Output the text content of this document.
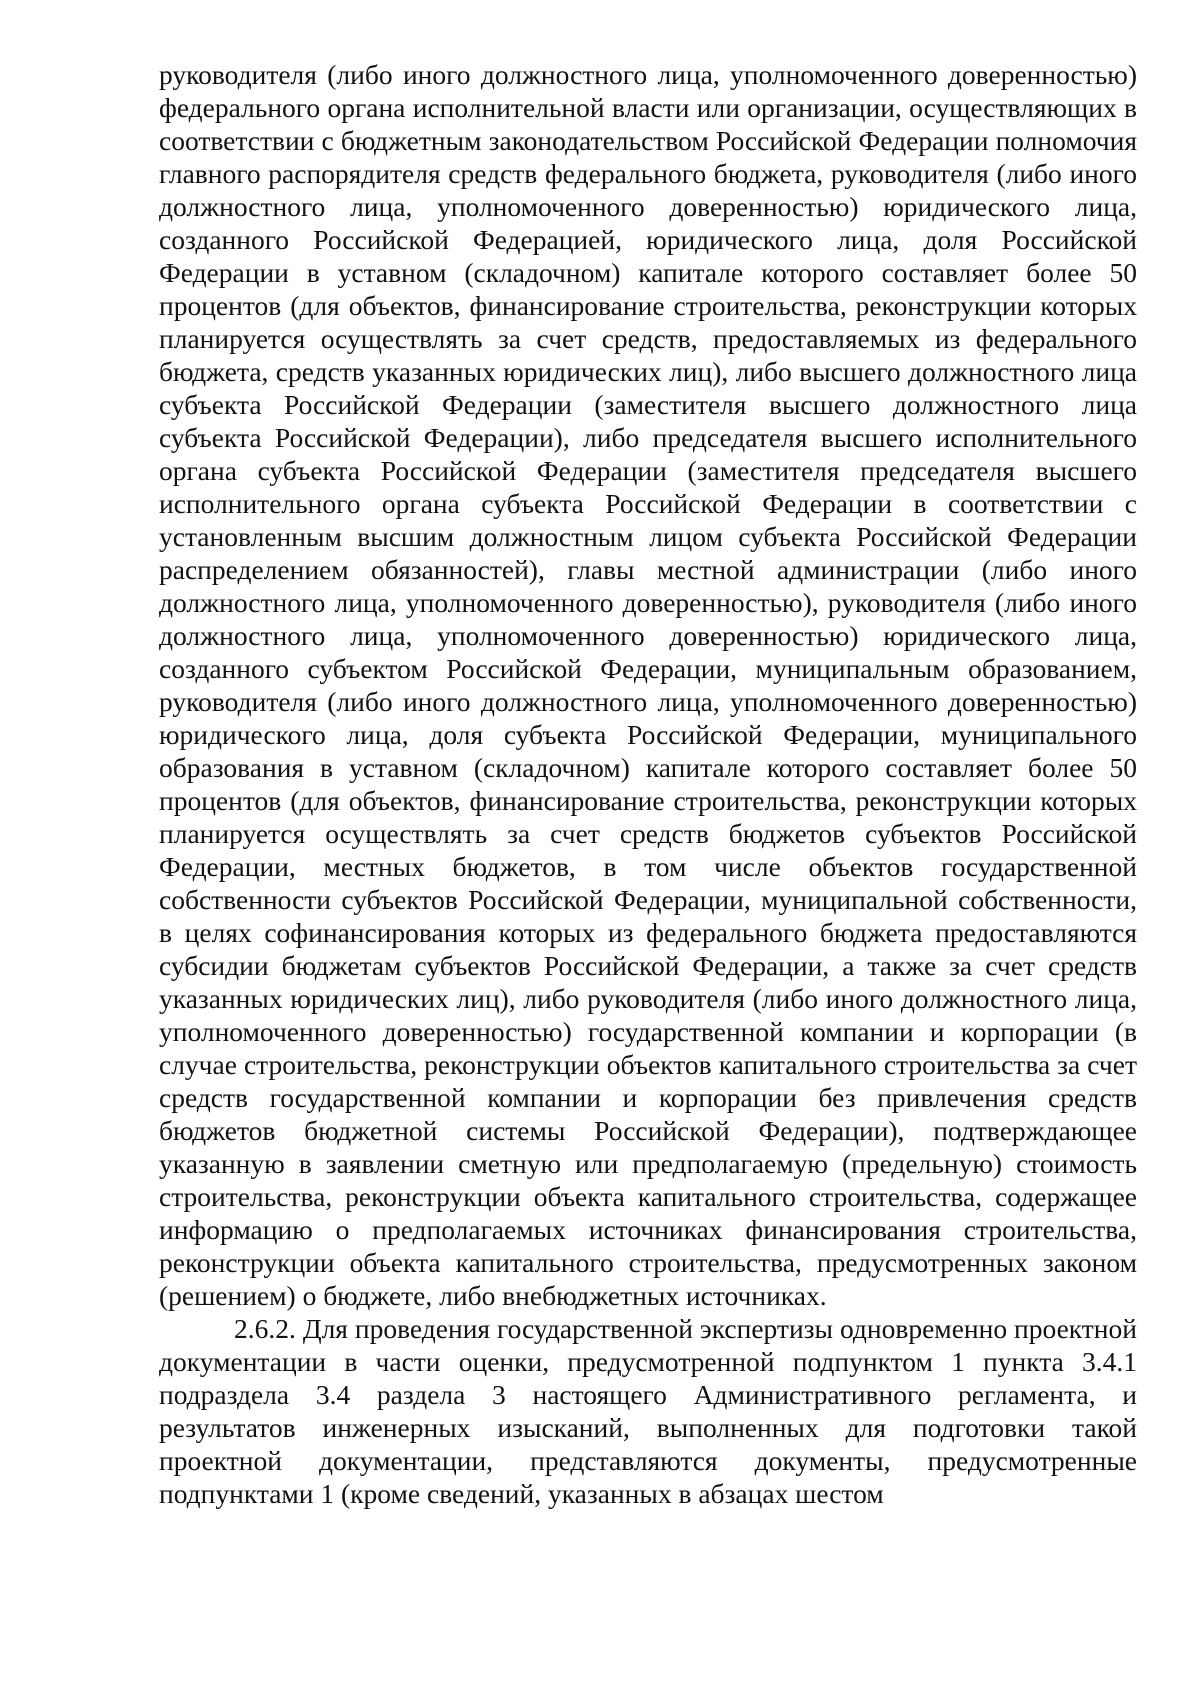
руководителя (либо иного должностного лица, уполномоченного доверенностью) федерального органа исполнительной власти или организации, осуществляющих в соответствии с бюджетным законодательством Российской Федерации полномочия главного распорядителя средств федерального бюджета, руководителя (либо иного должностного лица, уполномоченного доверенностью) юридического лица, созданного Российской Федерацией, юридического лица, доля Российской Федерации в уставном (складочном) капитале которого составляет более 50 процентов (для объектов, финансирование строительства, реконструкции которых планируется осуществлять за счет средств, предоставляемых из федерального бюджета, средств указанных юридических лиц), либо высшего должностного лица субъекта Российской Федерации (заместителя высшего должностного лица субъекта Российской Федерации), либо председателя высшего исполнительного органа субъекта Российской Федерации (заместителя председателя высшего исполнительного органа субъекта Российской Федерации в соответствии с установленным высшим должностным лицом субъекта Российской Федерации распределением обязанностей), главы местной администрации (либо иного должностного лица, уполномоченного доверенностью), руководителя (либо иного должностного лица, уполномоченного доверенностью) юридического лица, созданного субъектом Российской Федерации, муниципальным образованием, руководителя (либо иного должностного лица, уполномоченного доверенностью) юридического лица, доля субъекта Российской Федерации, муниципального образования в уставном (складочном) капитале которого составляет более 50 процентов (для объектов, финансирование строительства, реконструкции которых планируется осуществлять за счет средств бюджетов субъектов Российской Федерации, местных бюджетов, в том числе объектов государственной собственности субъектов Российской Федерации, муниципальной собственности, в целях софинансирования которых из федерального бюджета предоставляются субсидии бюджетам субъектов Российской Федерации, а также за счет средств указанных юридических лиц), либо руководителя (либо иного должностного лица, уполномоченного доверенностью) государственной компании и корпорации (в случае строительства, реконструкции объектов капитального строительства за счет средств государственной компании и корпорации без привлечения средств бюджетов бюджетной системы Российской Федерации), подтверждающее указанную в заявлении сметную или предполагаемую (предельную) стоимость строительства, реконструкции объекта капитального строительства, содержащее информацию о предполагаемых источниках финансирования строительства, реконструкции объекта капитального строительства, предусмотренных законом (решением) о бюджете, либо внебюджетных источниках.

2.6.2. Для проведения государственной экспертизы одновременно проектной документации в части оценки, предусмотренной подпунктом 1 пункта 3.4.1 подраздела 3.4 раздела 3 настоящего Административного регламента, и результатов инженерных изысканий, выполненных для подготовки такой проектной документации, представляются документы, предусмотренные подпунктами 1 (кроме сведений, указанных в абзацах шестом
